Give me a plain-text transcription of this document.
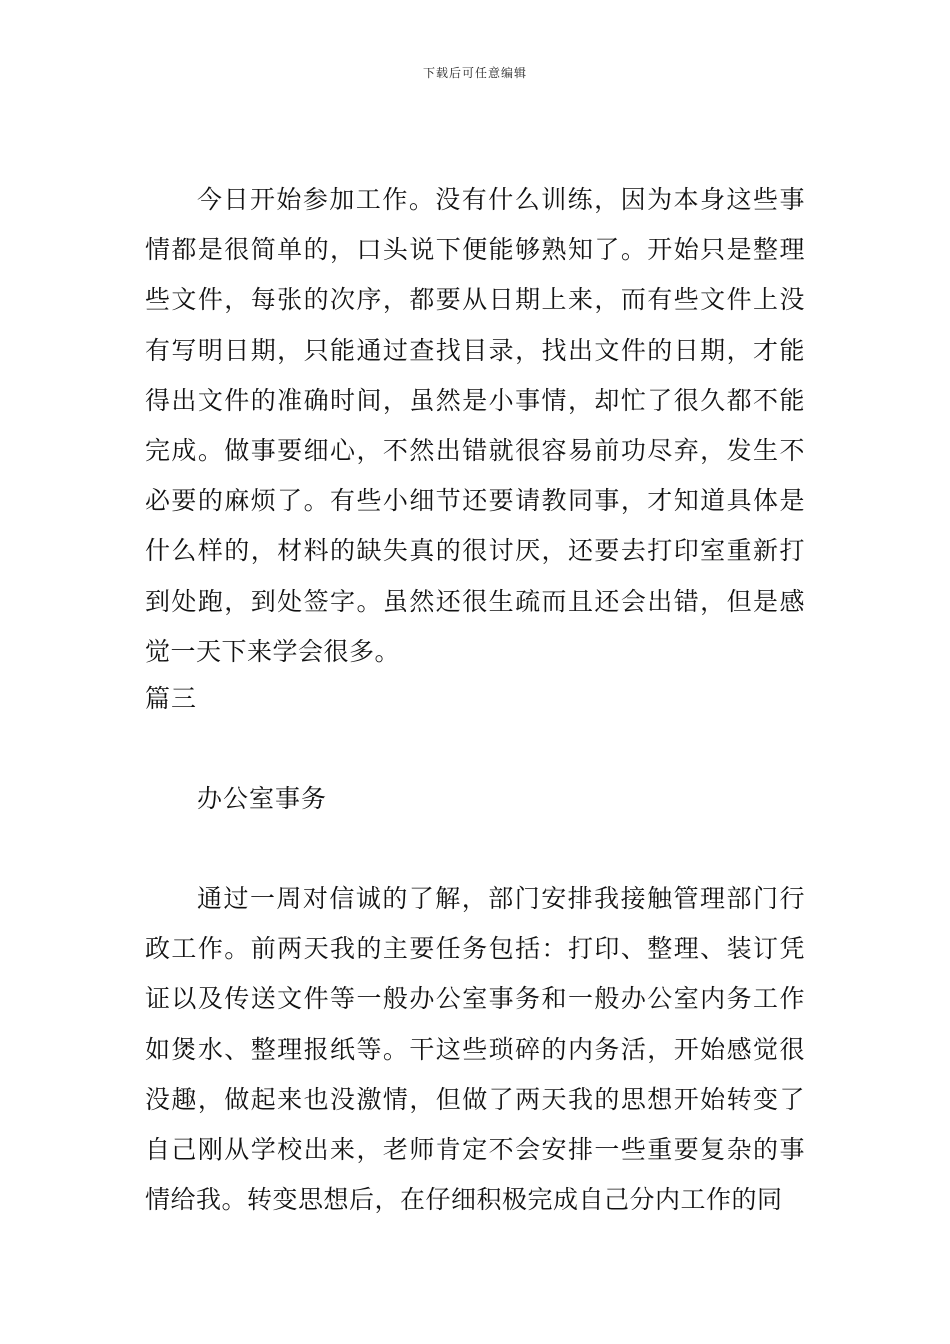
下载后可任意编辑

今日开始参加工作。没有什么训练，因为本身这些事情都是很简单的，口头说下便能够熟知了。开始只是整理些文件，每张的次序，都要从日期上来，而有些文件上没有写明日期，只能通过查找目录，找出文件的日期，才能得出文件的准确时间，虽然是小事情，却忙了很久都不能完成。做事要细心，不然出错就很容易前功尽弃，发生不必要的麻烦了。有些小细节还要请教同事，才知道具体是什么样的，材料的缺失真的很讨厌，还要去打印室重新打到处跑，到处签字。虽然还很生疏而且还会出错，但是感觉一天下来学会很多。

篇三
办公室事务

通过一周对信诚的了解，部门安排我接触管理部门行政工作。前两天我的主要任务包括：打印、整理、装订凭证以及传送文件等一般办公室事务和一般办公室内务工作如煲水、整理报纸等。干这些琐碎的内务活，开始感觉很没趣，做起来也没激情，但做了两天我的思想开始转变了自己刚从学校出来，老师肯定不会安排一些重要复杂的事情给我。转变思想后，在仔细积极完成自己分内工作的同
